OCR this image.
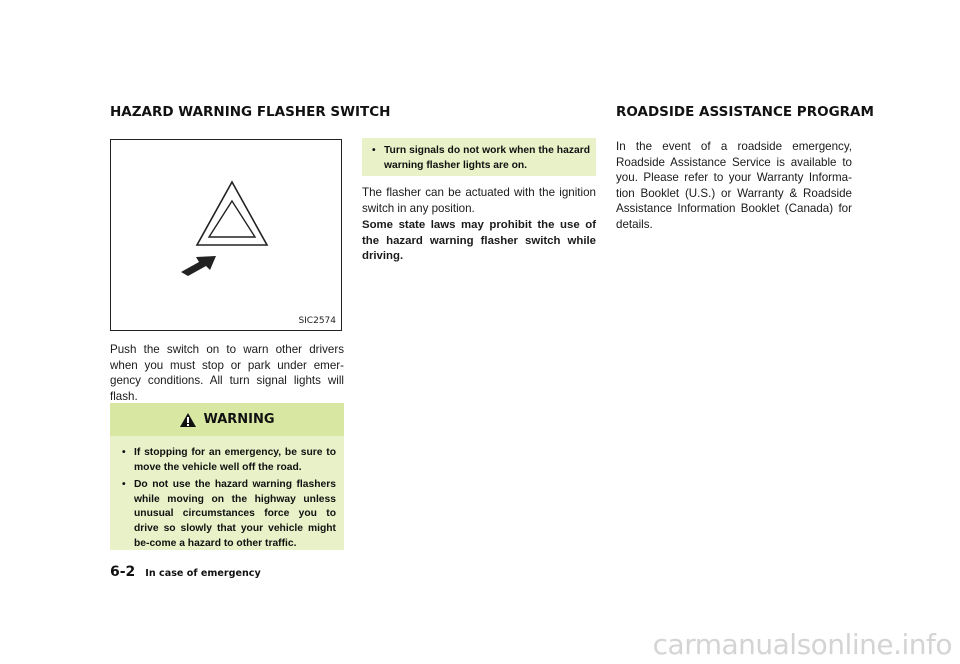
HAZARD WARNING FLASHER SWITCH
SIC2574

Push the switch on to warn other drivers when you must stop or park under emer-gency conditions. All turn signal lights will flash.

WARNING
• If stopping for an emergency, be sure to move the vehicle well off the road.
• Do not use the hazard warning flashers while moving on the highway unless unusual circumstances force you to drive so slowly that your vehicle might be-come a hazard to other traffic.
• Turn signals do not work when the hazard warning flasher lights are on.

The flasher can be actuated with the ignition switch in any position.

Some state laws may prohibit the use of the hazard warning flasher switch while driving.

ROADSIDE ASSISTANCE PROGRAM

In the event of a roadside emergency, Roadside Assistance Service is available to you. Please refer to your Warranty Informa-tion Booklet (U.S.) or Warranty & Roadside Assistance Information Booklet (Canada) for details.

6-2 In case of emergency
carmanualsonline.info
